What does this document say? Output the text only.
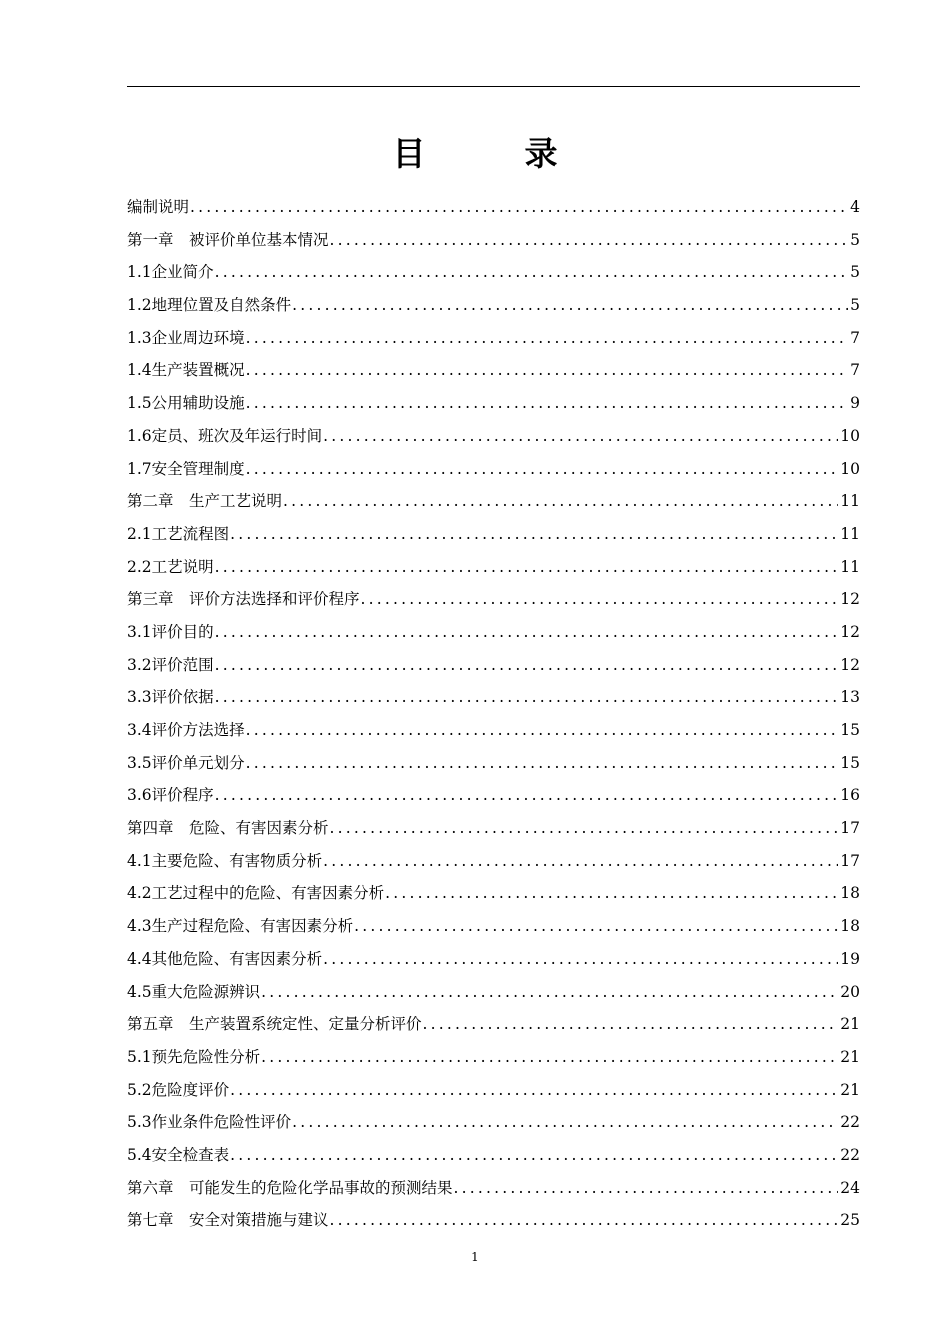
目　　　录
编制说明 .....	4
第一章　被评价单位基本情况 .....	5
1.1企业简介 .....	5
1.2地理位置及自然条件 .....	5
1.3企业周边环境 .....	7
1.4生产装置概况 .....	7
1.5公用辅助设施 .....	9
1.6定员、班次及年运行时间 .....	10
1.7安全管理制度 .....	10
第二章　生产工艺说明 .....	11
2.1工艺流程图 .....	11
2.2工艺说明 .....	11
第三章　评价方法选择和评价程序 .....	12
3.1评价目的 .....	12
3.2评价范围 .....	12
3.3评价依据 .....	13
3.4评价方法选择 .....	15
3.5评价单元划分 .....	15
3.6评价程序 .....	16
第四章　危险、有害因素分析 .....	17
4.1主要危险、有害物质分析 .....	17
4.2工艺过程中的危险、有害因素分析 .....	18
4.3生产过程危险、有害因素分析 .....	18
4.4其他危险、有害因素分析 .....	19
4.5重大危险源辨识 .....	20
第五章　生产装置系统定性、定量分析评价 .....	21
5.1预先危险性分析 .....	21
5.2危险度评价 .....	21
5.3作业条件危险性评价 .....	22
5.4安全检查表 .....	22
第六章　可能发生的危险化学品事故的预测结果 .....	24
第七章　安全对策措施与建议 .....	25
1
